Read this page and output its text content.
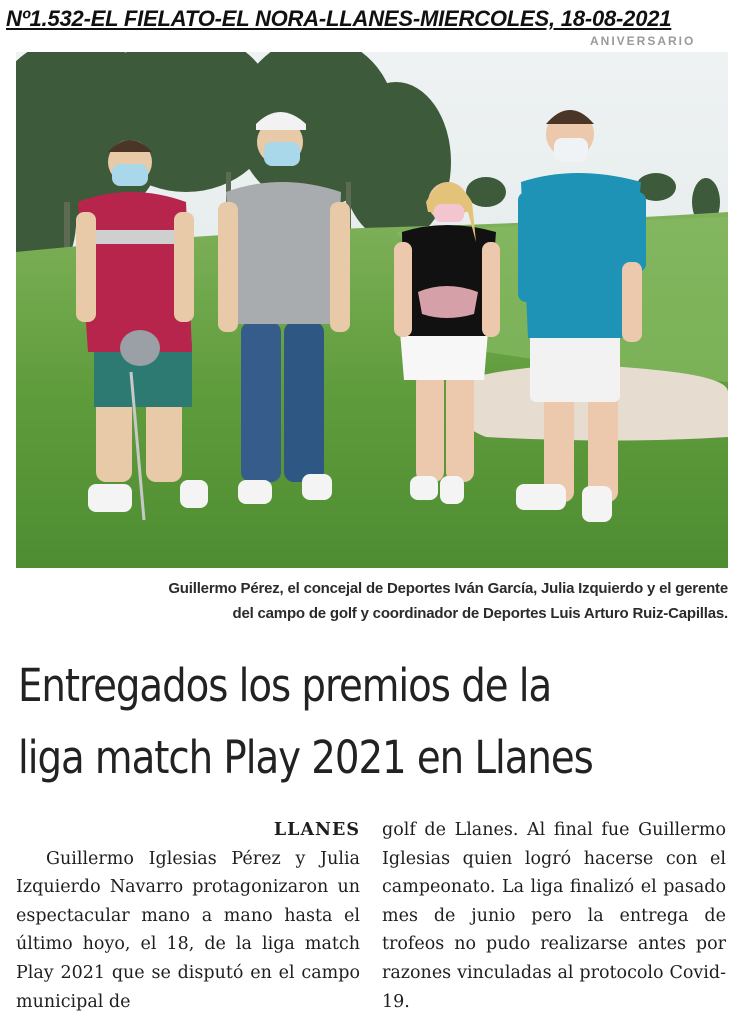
Nº1.532-EL FIELATO-EL NORA-LLANES-MIERCOLES, 18-08-2021
ANIVERSARIO
Guillermo Pérez, el concejal de Deportes Iván García, Julia Izquierdo y el gerente
del campo de golf y coordinador de Deportes Luis Arturo Ruiz-Capillas.
Entregados los premios de la
liga match Play 2021 en Llanes
LLANES

Guillermo Iglesias Pérez y Julia Izquierdo Navarro protagonizaron un espectacular mano a mano hasta el último hoyo, el 18, de la liga match Play 2021 que se disputó en el campo municipal de

golf de Llanes. Al final fue Guillermo Iglesias quien logró hacerse con el campeonato. La liga finalizó el pasado mes de junio pero la entrega de trofeos no pudo realizarse antes por razones vinculadas al protocolo Covid-19.
